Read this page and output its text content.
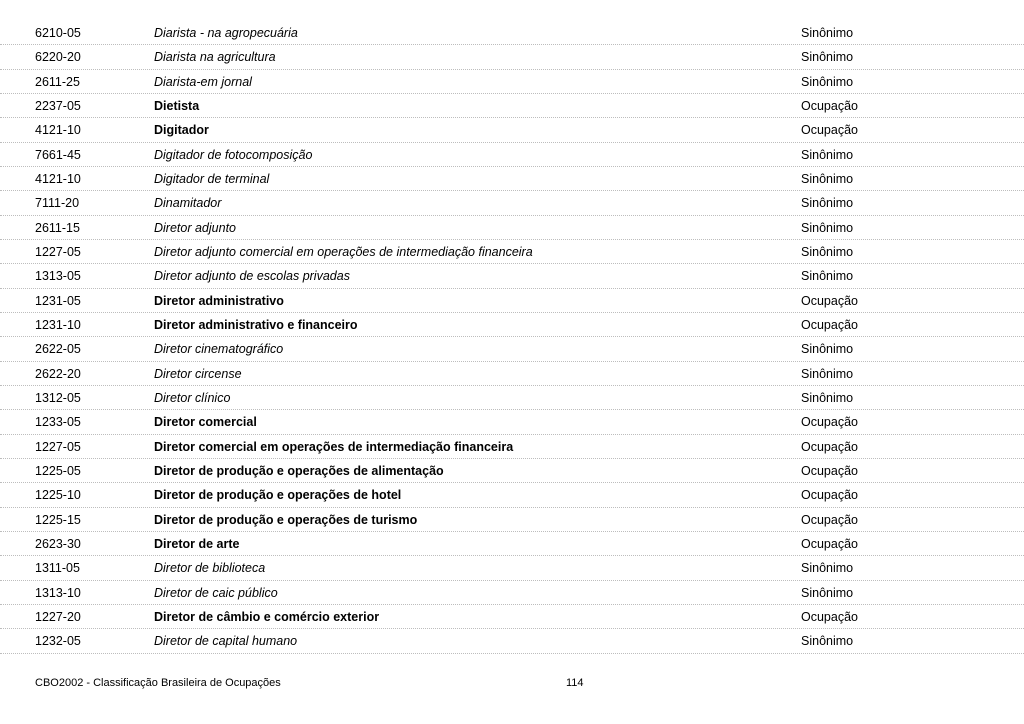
6210-05	Diarista - na agropecuária	Sinônimo
6220-20	Diarista na agricultura	Sinônimo
2611-25	Diarista-em jornal	Sinônimo
2237-05	Dietista	Ocupação
4121-10	Digitador	Ocupação
7661-45	Digitador de fotocomposição	Sinônimo
4121-10	Digitador de terminal	Sinônimo
7111-20	Dinamitador	Sinônimo
2611-15	Diretor adjunto	Sinônimo
1227-05	Diretor adjunto comercial em operações de intermediação financeira	Sinônimo
1313-05	Diretor adjunto de escolas privadas	Sinônimo
1231-05	Diretor administrativo	Ocupação
1231-10	Diretor administrativo e financeiro	Ocupação
2622-05	Diretor cinematográfico	Sinônimo
2622-20	Diretor circense	Sinônimo
1312-05	Diretor clínico	Sinônimo
1233-05	Diretor comercial	Ocupação
1227-05	Diretor comercial em operações de intermediação financeira	Ocupação
1225-05	Diretor de produção e operações de alimentação	Ocupação
1225-10	Diretor de produção e operações de hotel	Ocupação
1225-15	Diretor de produção e operações de turismo	Ocupação
2623-30	Diretor de arte	Ocupação
1311-05	Diretor de biblioteca	Sinônimo
1313-10	Diretor de caic público	Sinônimo
1227-20	Diretor de câmbio e comércio exterior	Ocupação
1232-05	Diretor de capital humano	Sinônimo
CBO2002 - Classificação Brasileira de Ocupações	114
